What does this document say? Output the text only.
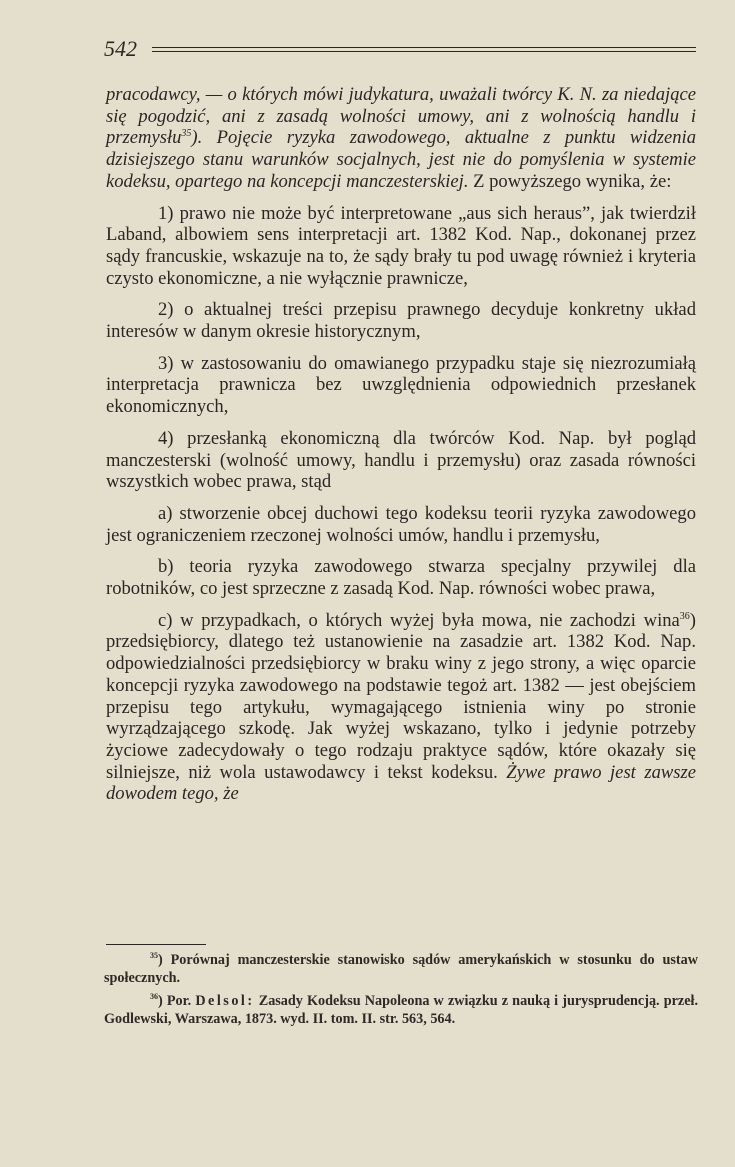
542

pracodawcy, — o których mówi judykatura, uważali twórcy K. N. za niedające się pogodzić, ani z zasadą wolności umowy, ani z wolnością handlu i przemysłu$^{35}$). Pojęcie ryzyka zawodowego, aktualne z punktu widzenia dzisiejszego stanu warunków socjalnych, jest nie do pomyślenia w systemie kodeksu, opartego na koncepcji manczesterskiej. Z powyższego wynika, że:

1) prawo nie może być interpretowane „aus sich heraus”, jak twierdził Laband, albowiem sens interpretacji art. 1382 Kod. Nap., dokonanej przez sądy francuskie, wskazuje na to, że sądy brały tu pod uwagę również i kryteria czysto ekonomiczne, a nie wyłącznie prawnicze,

2) o aktualnej treści przepisu prawnego decyduje konkretny układ interesów w danym okresie historycznym,

3) w zastosowaniu do omawianego przypadku staje się niezrozumiałą interpretacja prawnicza bez uwzględnienia odpowiednich przesłanek ekonomicznych,

4) przesłanką ekonomiczną dla twórców Kod. Nap. był pogląd manczesterski (wolność umowy, handlu i przemysłu) oraz zasada równości wszystkich wobec prawa, stąd

a) stworzenie obcej duchowi tego kodeksu teorii ryzyka zawodowego jest ograniczeniem rzeczonej wolności umów, handlu i przemysłu,

b) teoria ryzyka zawodowego stwarza specjalny przywilej dla robotników, co jest sprzeczne z zasadą Kod. Nap. równości wobec prawa,

c) w przypadkach, o których wyżej była mowa, nie zachodzi wina$^{36}$) przedsiębiorcy, dlatego też ustanowienie na zasadzie art. 1382 Kod. Nap. odpowiedzialności przedsiębiorcy w braku winy z jego strony, a więc oparcie koncepcji ryzyka zawodowego na podstawie tegoż art. 1382 — jest obejściem przepisu tego artykułu, wymagającego istnienia winy po stronie wyrządzającego szkodę. Jak wyżej wskazano, tylko i jedynie potrzeby życiowe zadecydowały o tego rodzaju praktyce sądów, które okazały się silniejsze, niż wola ustawodawcy i tekst kodeksu. Żywe prawo jest zawsze dowodem tego, że

$^{35}$) Porównaj manczesterskie stanowisko sądów amerykańskich w stosunku do ustaw społecznych.

$^{36}$) Por. Delsol: Zasady Kodeksu Napoleona w związku z nauką i jurysprudencją. przeł. Godlewski, Warszawa, 1873. wyd. II. tom. II. str. 563, 564.
